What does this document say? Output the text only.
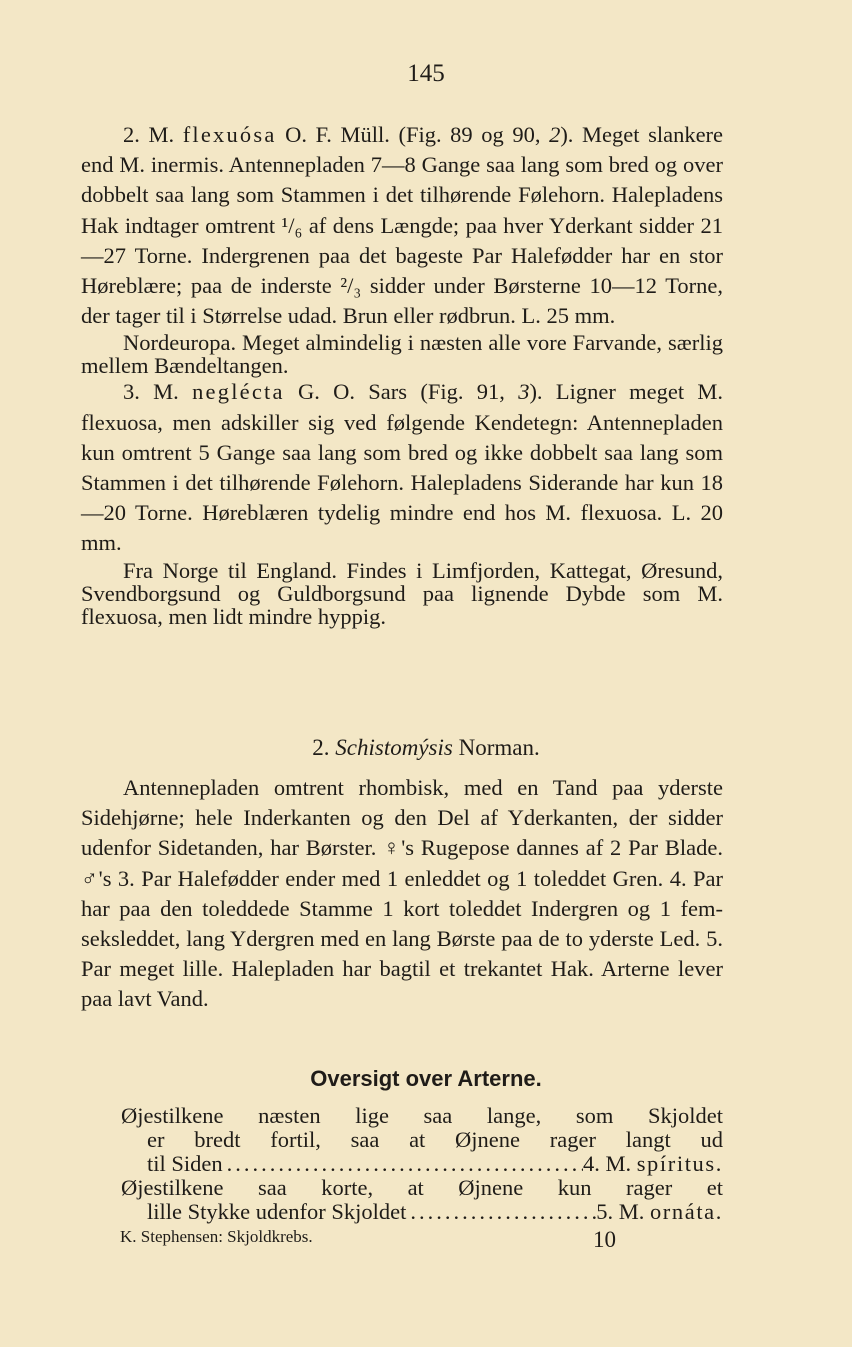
145

2. M. flexuósa O. F. Müll. (Fig. 89 og 90, 2). Meget slankere end M. inermis. Antennepladen 7—8 Gange saa lang som bred og over dobbelt saa lang som Stammen i det tilhørende Følehorn. Halepladens Hak indtager omtrent ¹/₆ af dens Længde; paa hver Yderkant sidder 21—27 Torne. Indergrenen paa det bageste Par Halefødder har en stor Høreblære; paa de inderste ²/₃ sidder under Børsterne 10—12 Torne, der tager til i Størrelse udad. Brun eller rødbrun. L. 25 mm.

Nordeuropa. Meget almindelig i næsten alle vore Farvande, særlig mellem Bændeltangen.

3. M. neglécta G. O. Sars (Fig. 91, 3). Ligner meget M. flexuosa, men adskiller sig ved følgende Kendetegn: Antennepladen kun omtrent 5 Gange saa lang som bred og ikke dobbelt saa lang som Stammen i det tilhørende Følehorn. Halepladens Siderande har kun 18—20 Torne. Høreblæren tydelig mindre end hos M. flexuosa. L. 20 mm.

Fra Norge til England. Findes i Limfjorden, Kattegat, Øresund, Svendborgsund og Guldborgsund paa lignende Dybde som M. flexuosa, men lidt mindre hyppig.

2. Schistomýsis Norman.

Antennepladen omtrent rhombisk, med en Tand paa yderste Sidehjørne; hele Inderkanten og den Del af Yderkanten, der sidder udenfor Sidetanden, har Børster. ♀'s Rugepose dannes af 2 Par Blade. ♂'s 3. Par Halefødder ender med 1 enleddet og 1 toleddet Gren. 4. Par har paa den toleddede Stamme 1 kort toleddet Indergren og 1 fem-seksleddet, lang Ydergren med en lang Børste paa de to yderste Led. 5. Par meget lille. Halepladen har bagtil et trekantet Hak. Arterne lever paa lavt Vand.

Oversigt over Arterne.
Øjestilkene næsten lige saa lange, som Skjoldet
er bredt fortil, saa at Øjnene rager langt ud
til Siden .....	4. M. spíritus.
Øjestilkene saa korte, at Øjnene kun rager et
lille Stykke udenfor Skjoldet .....	5. M. ornáta.
K. Stephensen: Skjoldkrebs.	10
